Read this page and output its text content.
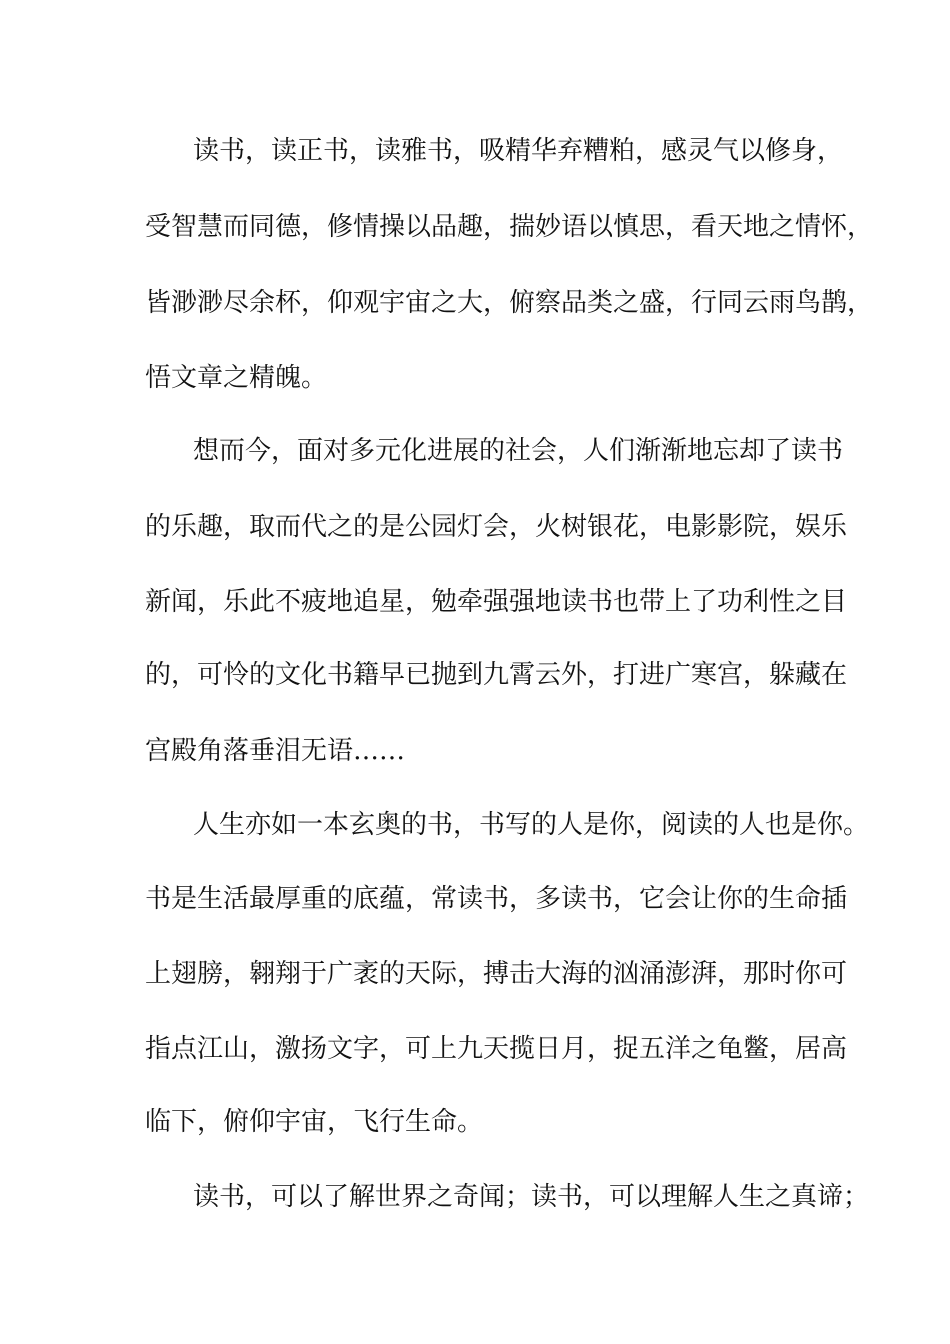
读书，读正书，读雅书，吸精华弃糟粕，感灵气以修身，

受智慧而同德，修情操以品趣，揣妙语以慎思，看天地之情怀，

皆渺渺尽余杯，仰观宇宙之大，俯察品类之盛，行同云雨鸟鹊，

悟文章之精魄。

想而今，面对多元化进展的社会，人们渐渐地忘却了读书

的乐趣，取而代之的是公园灯会，火树银花，电影影院，娱乐

新闻，乐此不疲地追星，勉牵强强地读书也带上了功利性之目

的，可怜的文化书籍早已抛到九霄云外，打进广寒宫，躲藏在

宫殿角落垂泪无语……

人生亦如一本玄奥的书，书写的人是你，阅读的人也是你。

书是生活最厚重的底蕴，常读书，多读书，它会让你的生命插

上翅膀，翱翔于广袤的天际，搏击大海的汹涌澎湃，那时你可

指点江山，激扬文字，可上九天揽日月，捉五洋之龟鳖，居高

临下，俯仰宇宙，飞行生命。

读书，可以了解世界之奇闻；读书，可以理解人生之真谛；
